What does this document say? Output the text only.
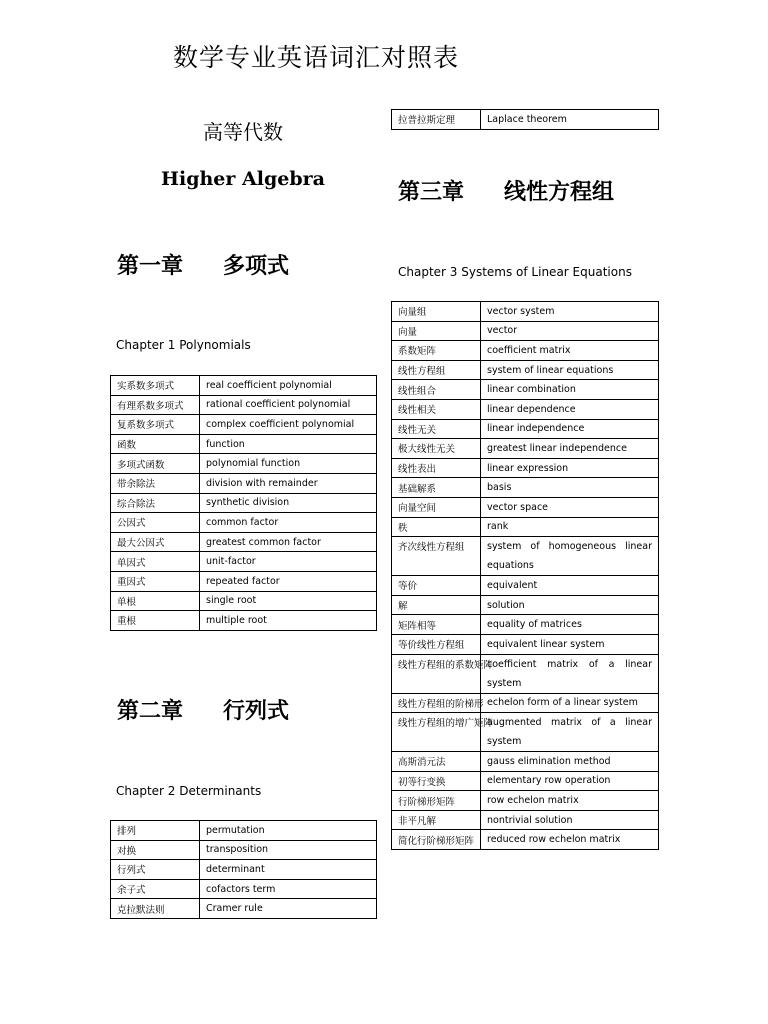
数学专业英语词汇对照表
高等代数
Higher Algebra
第一章 多项式
Chapter 1 Polynomials
实系数多项式	real coefficient polynomial
有理系数多项式	rational coefficient polynomial
复系数多项式	complex coefficient polynomial
函数	function
多项式函数	polynomial function
带余除法	division with remainder
综合除法	synthetic division
公因式	common factor
最大公因式	greatest common factor
单因式	unit-factor
重因式	repeated factor
单根	single root
重根	multiple root
第二章 行列式
Chapter 2 Determinants
排列	permutation
对换	transposition
行列式	determinant
余子式	cofactors term
克拉默法则	Cramer rule
拉普拉斯定理	Laplace theorem
第三章 线性方程组
Chapter 3 Systems of Linear Equations
向量组	vector system
向量	vector
系数矩阵	coefficient matrix
线性方程组	system of linear equations
线性组合	linear combination
线性相关	linear dependence
线性无关	linear independence
极大线性无关	greatest linear independence
线性表出	linear expression
基础解系	basis
向量空间	vector space
秩	rank
齐次线性方程组	system of homogeneous linear equations
等价	equivalent
解	solution
矩阵相等	equality of matrices
等价线性方程组	equivalent linear system
线性方程组的系数矩阵	coefficient matrix of a linear system
线性方程组的阶梯形	echelon form of a linear system
线性方程组的增广矩阵	augmented matrix of a linear system
高斯消元法	gauss elimination method
初等行变换	elementary row operation
行阶梯形矩阵	row echelon matrix
非平凡解	nontrivial solution
简化行阶梯形矩阵	reduced row echelon matrix
